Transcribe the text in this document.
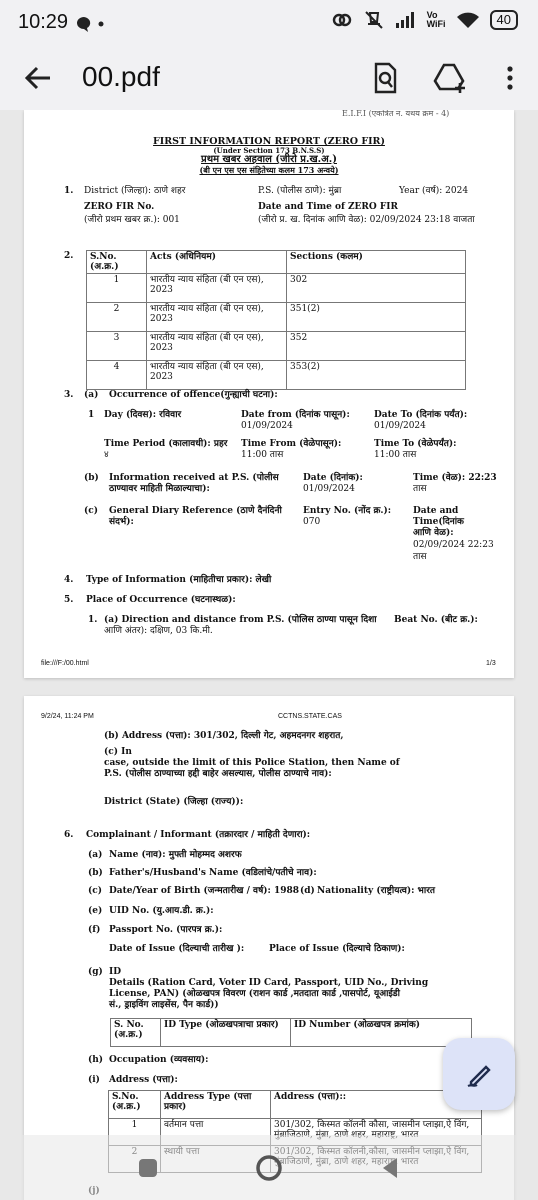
10:29	Vo
WiFi	40
00.pdf
E.I.F.I (एकत्रित न. यथय क्रम - 4)
FIRST INFORMATION REPORT (ZERO FIR)
(Under Section 173 B.N.S.S)
प्रथम खबर अहवाल (जीरो प्र.ख.अ.)
(बी एन एस एस संहितेच्या कलम 173 अन्वये)
1. District (जिल्हा): ठाणे शहर	P.S. (पोलीस ठाणे): मुंब्रा	Year (वर्ष): 2024
ZERO FIR No.
(जीरो प्रथम खबर क्र.): 001
Date and Time of ZERO FIR
(जीरो प्र. ख. दिनांक आणि वेळ): 02/09/2024 23:18 वाजता
2. S.No. (अ.क्र.)	Acts (अधिनियम)	Sections (कलम)
1	भारतीय न्याय संहिता (बी एन एस), 2023	302
2	भारतीय न्याय संहिता (बी एन एस), 2023	351(2)
3	भारतीय न्याय संहिता (बी एन एस), 2023	352
4	भारतीय न्याय संहिता (बी एन एस), 2023	353(2)
3. (a) Occurrence of offence(गुन्ह्याची घटना):
1 Day (दिवस): रविवार	Date from (दिनांक पासून):
01/09/2024
Date To (दिनांक पर्यंत):
01/09/2024
Time Period (कालावधी): प्रहर
४
Time From (वेळेपासून):
11:00 तास
Time To (वेळेपर्यंत):
11:00 तास
(b) Information received at P.S. (पोलीस
ठाण्यावर माहिती मिळाल्याचा):
Date (दिनांक):
01/09/2024
Time (वेळ): 22:23
तास
(c) General Diary Reference (ठाणे दैनंदिनी
संदर्भ):
Entry No. (नोंद क्र.):
070
Date and
Time(दिनांक
आणि वेळ):
02/09/2024 22:23
तास
4. Type of Information (माहितीचा प्रकार): लेखी
5. Place of Occurrence (घटनास्थळ):
1. (a) Direction and distance from P.S. (पोलिस ठाण्या पासून दिशा
आणि अंतर): दक्षिण, 03 कि.मी.
Beat No. (बीट क्र.):
file:///F:/00.html	1/3
9/2/24, 11:24 PM	CCTNS.STATE.CAS
(b) Address (पत्ता): 301/302, दिल्ली गेट, अहमदनगर शहरात,
(c) In
case, outside the limit of this Police Station, then Name of
P.S. (पोलीस ठाण्याच्या हद्दी बाहेर असल्यास, पोलीस ठाण्याचे नाव):
District (State) (जिल्हा (राज्य)):
6. Complainant / Informant (तक्रारदार / माहिती देणारा):
(a) Name (नाव): मुफ्ती मोहम्मद अशरफ
(b) Father's/Husband's Name (वडिलांचे/पतीचे नाव):
(c) Date/Year of Birth (जन्मतारीख / वर्ष): 1988 (d) Nationality (राष्ट्रीयत्व): भारत
(e) UID No. (यु.आय.डी. क्र.):
(f) Passport No. (पारपत्र क्र.):
Date of Issue (दिल्याची तारीख ):	Place of Issue (दिल्याचे ठिकाण):
(g) ID
Details (Ration Card, Voter ID Card, Passport, UID No., Driving
License, PAN) (ओळखपत्र विवरण (राशन कार्ड ,मतदाता कार्ड ,पासपोर्ट, यूआईडी
सं., ड्राइविंग लाइसेंस, पैन कार्ड))
S. No. (अ.क्र.)	ID Type (ओळखपत्राचा प्रकार)	ID Number (ओळखपत्र क्रमांक)
(h) Occupation (व्यवसाय):
(i) Address (पत्ता):
S.No. (अ.क्र.)	Address Type (पत्ता प्रकार)	Address (पत्ता)::
1	वर्तमान पत्ता	301/302, किस्मत कॉलनी कौसा, जासमीन प्लाझा,ऐ विंग,
